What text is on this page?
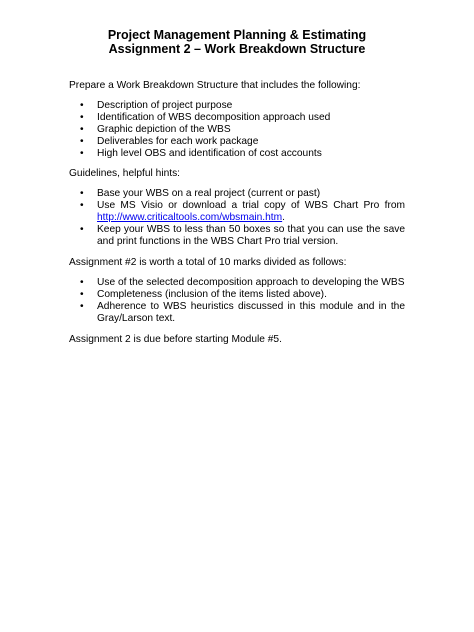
Project Management Planning & Estimating
Assignment 2 – Work Breakdown Structure
Prepare a Work Breakdown Structure that includes the following:
• Description of project purpose
• Identification of WBS decomposition approach used
• Graphic depiction of the WBS
• Deliverables for each work package
• High level OBS and identification of cost accounts
Guidelines, helpful hints:
• Base your WBS on a real project (current or past)
• Use MS Visio or download a trial copy of WBS Chart Pro from http://www.criticaltools.com/wbsmain.htm.
• Keep your WBS to less than 50 boxes so that you can use the save and print functions in the WBS Chart Pro trial version.
Assignment #2 is worth a total of 10 marks divided as follows:
• Use of the selected decomposition approach to developing the WBS
• Completeness (inclusion of the items listed above).
• Adherence to WBS heuristics discussed in this module and in the Gray/Larson text.
Assignment 2 is due before starting Module #5.
